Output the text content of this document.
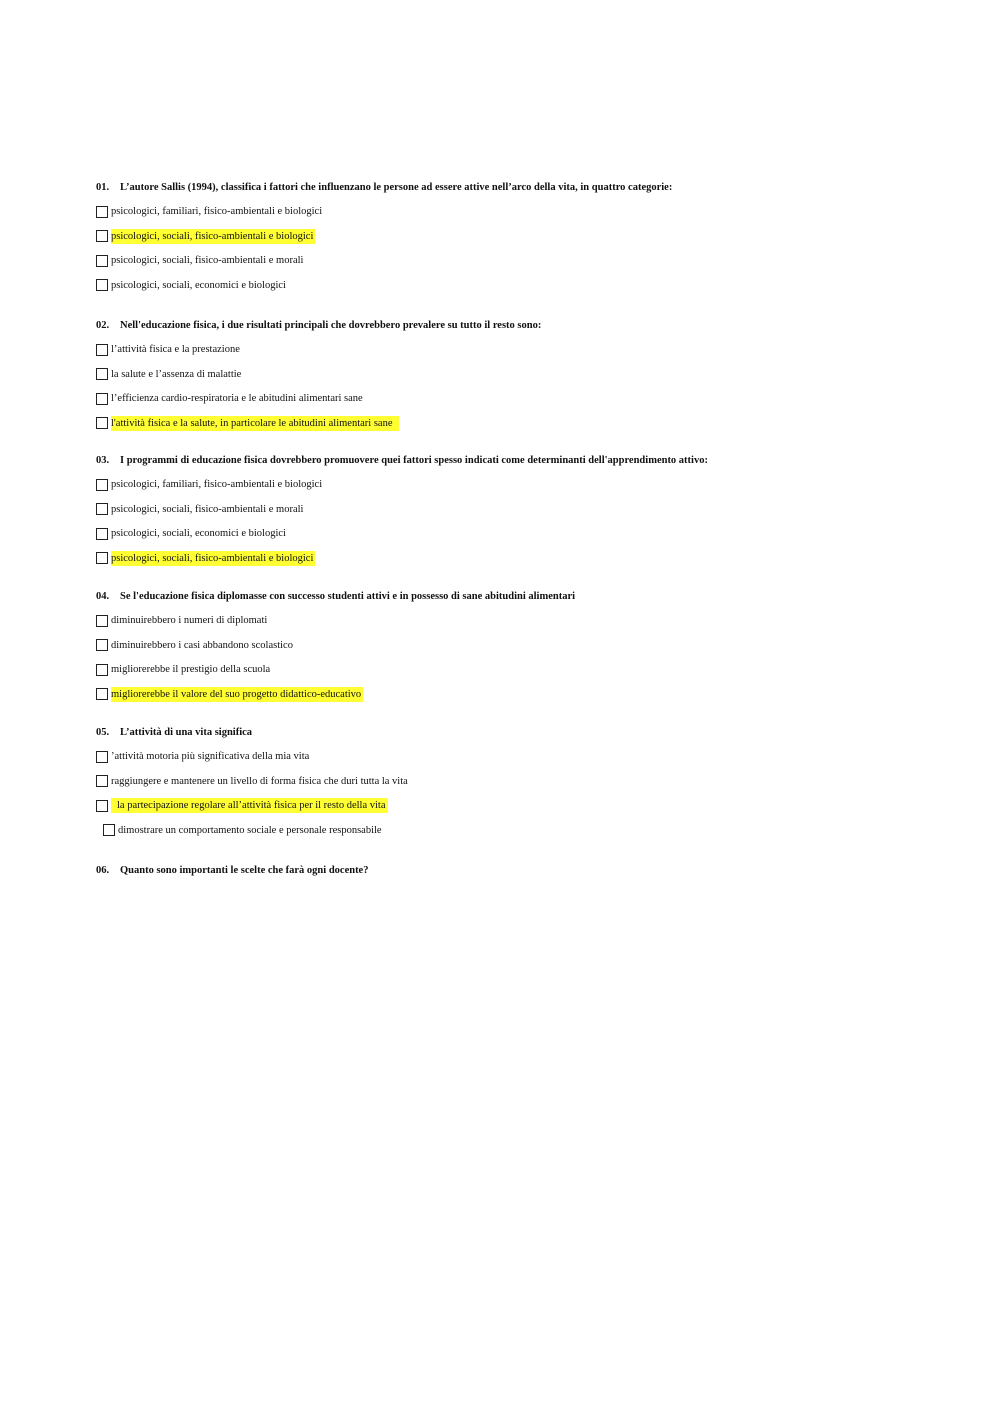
01. L’autore Sallis (1994), classifica i fattori che influenzano le persone ad essere attive nell’arco della vita, in quattro categorie:
psicologici, familiari, fisico-ambientali e biologici
psicologici, sociali, fisico-ambientali e biologici
psicologici, sociali, fisico-ambientali e morali
psicologici, sociali, economici e biologici
02. Nell'educazione fisica, i due risultati principali che dovrebbero prevalere su tutto il resto sono:
l’attività fisica e la prestazione
la salute e l’assenza di malattie
l’efficienza cardio-respiratoria e le abitudini alimentari sane
l'attività fisica e la salute, in particolare le abitudini alimentari sane
03. I programmi di educazione fisica dovrebbero promuovere quei fattori spesso indicati come determinanti dell'apprendimento attivo:
psicologici, familiari, fisico-ambientali e biologici
psicologici, sociali, fisico-ambientali e morali
psicologici, sociali, economici e biologici
psicologici, sociali, fisico-ambientali e biologici
04. Se l'educazione fisica diplomasse con successo studenti attivi e in possesso di sane abitudini alimentari
diminuirebbero i numeri di diplomati
diminuirebbero i casi abbandono scolastico
migliorerebbe il prestigio della scuola
migliorerebbe il valore del suo progetto didattico-educativo
05. L’attività di una vita significa
’attività motoria più significativa della mia vita
raggiungere e mantenere un livello di forma fisica che duri tutta la vita
la partecipazione regolare all’attività fisica per il resto della vita
dimostrare un comportamento sociale e personale responsabile
06. Quanto sono importanti le scelte che farà ogni docente?
